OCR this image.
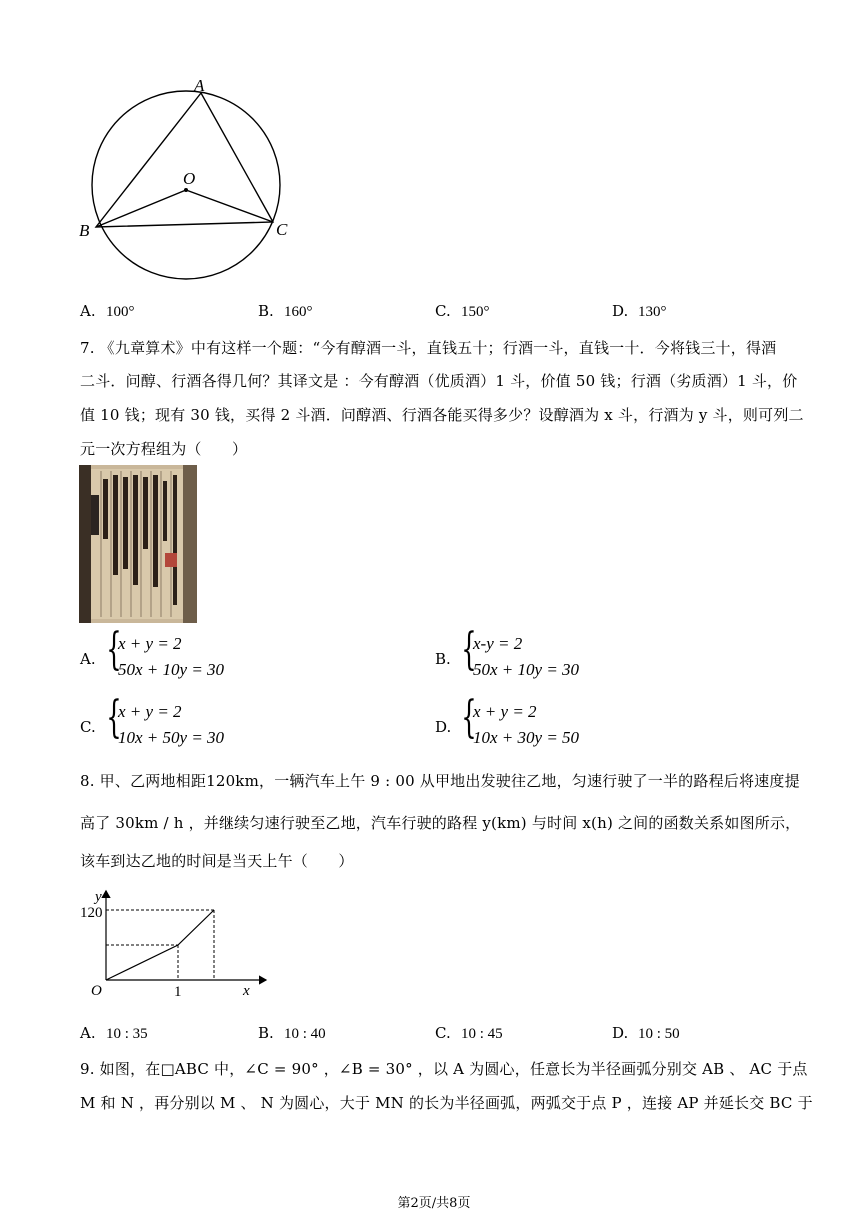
A
O
B	C
A. 100°	B. 160°	C. 150°	D. 130°
7. 《九章算术》中有这样一个题：“今有醇酒一斗，直钱五十；行酒一斗，直钱一十．今将钱三十，得酒
二斗．问醇、行酒各得几何？其译文是 ：今有醇酒（优质酒）1 斗，价值 50 钱；行酒（劣质酒）1 斗，价
值 10 钱；现有 30 钱，买得 2 斗酒．问醇酒、行酒各能买得多少？设醇酒为 x 斗，行酒为 y 斗，则可列二
元一次方程组为（　　）
A. {
x + y = 2
50x + 10y = 30
B. {
x-y = 2
50x + 10y = 30
C. {
x + y = 2
10x + 50y = 30
D. {
x + y = 2
10x + 30y = 50
8. 甲、乙两地相距120km，一辆汽车上午 9 : 00 从甲地出发驶往乙地，匀速行驶了一半的路程后将速度提
高了 30km / h ，并继续匀速行驶至乙地，汽车行驶的路程 y(km) 与时间 x(h) 之间的函数关系如图所示，
该车到达乙地的时间是当天上午（　　）
y
x
O
120
1
A. 10 : 35	B. 10 : 40	C. 10 : 45	D. 10 : 50
9. 如图，在□ABC 中，∠C = 90° ，∠B = 30° ，以 A 为圆心，任意长为半径画弧分别交 AB 、 AC 于点
M 和 N ，再分别以 M 、 N 为圆心，大于 MN 的长为半径画弧，两弧交于点 P ，连接 AP 并延长交 BC 于
第2页/共8页
